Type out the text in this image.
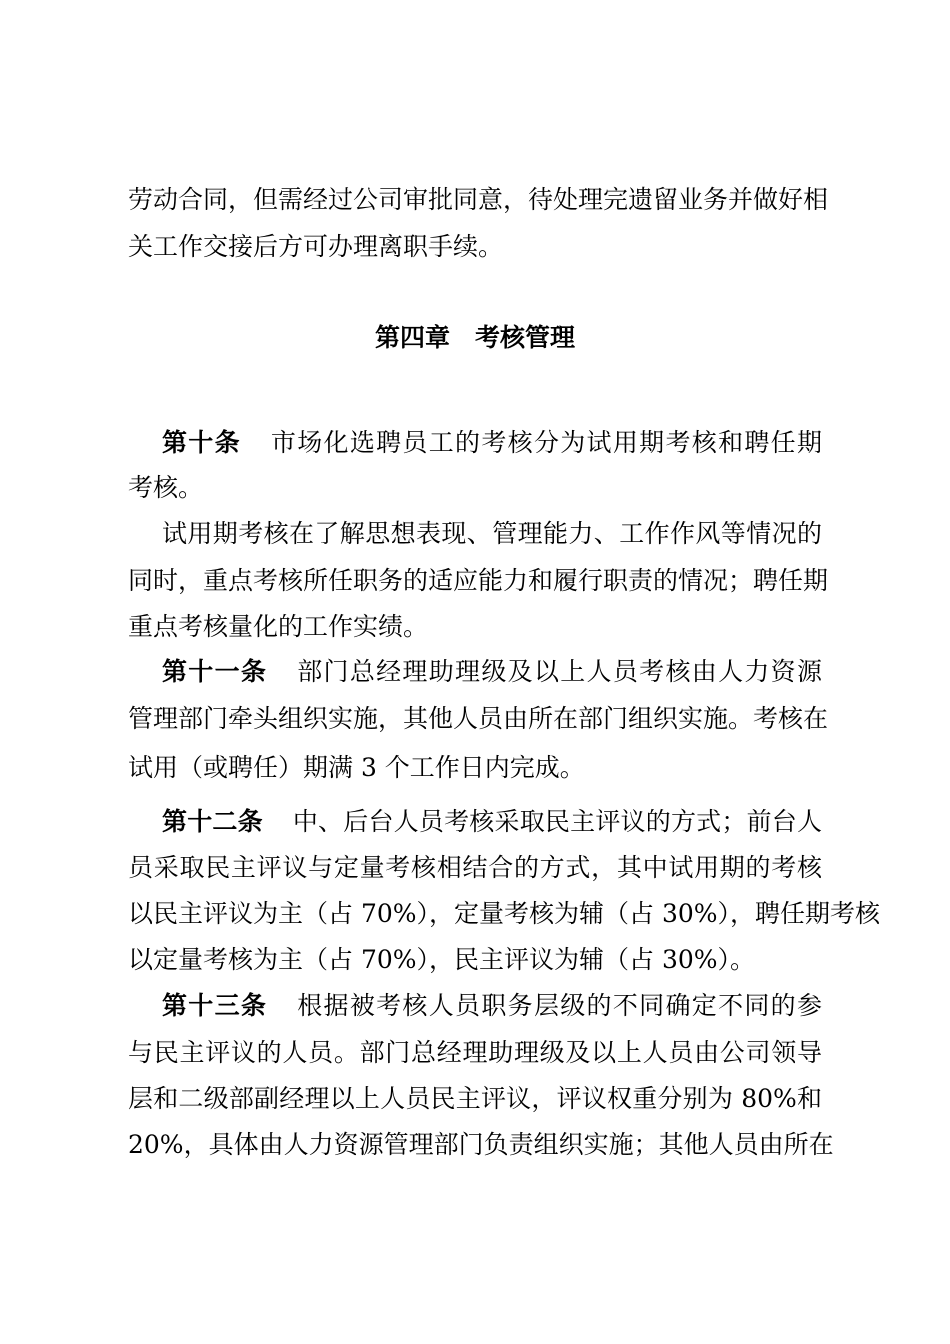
劳动合同，但需经过公司审批同意，待处理完遗留业务并做好相
关工作交接后方可办理离职手续。
第四章　考核管理
第十条 市场化选聘员工的考核分为试用期考核和聘任期
考核。
试用期考核在了解思想表现、管理能力、工作作风等情况的
同时，重点考核所任职务的适应能力和履行职责的情况；聘任期
重点考核量化的工作实绩。
第十一条 部门总经理助理级及以上人员考核由人力资源
管理部门牵头组织实施，其他人员由所在部门组织实施。考核在
试用（或聘任）期满 3 个工作日内完成。
第十二条 中、后台人员考核采取民主评议的方式；前台人
员采取民主评议与定量考核相结合的方式，其中试用期的考核
以民主评议为主（占 70%），定量考核为辅（占 30%），聘任期考核
以定量考核为主（占 70%），民主评议为辅（占 30%）。
第十三条 根据被考核人员职务层级的不同确定不同的参
与民主评议的人员。部门总经理助理级及以上人员由公司领导
层和二级部副经理以上人员民主评议，评议权重分别为 80%和
20%，具体由人力资源管理部门负责组织实施；其他人员由所在
